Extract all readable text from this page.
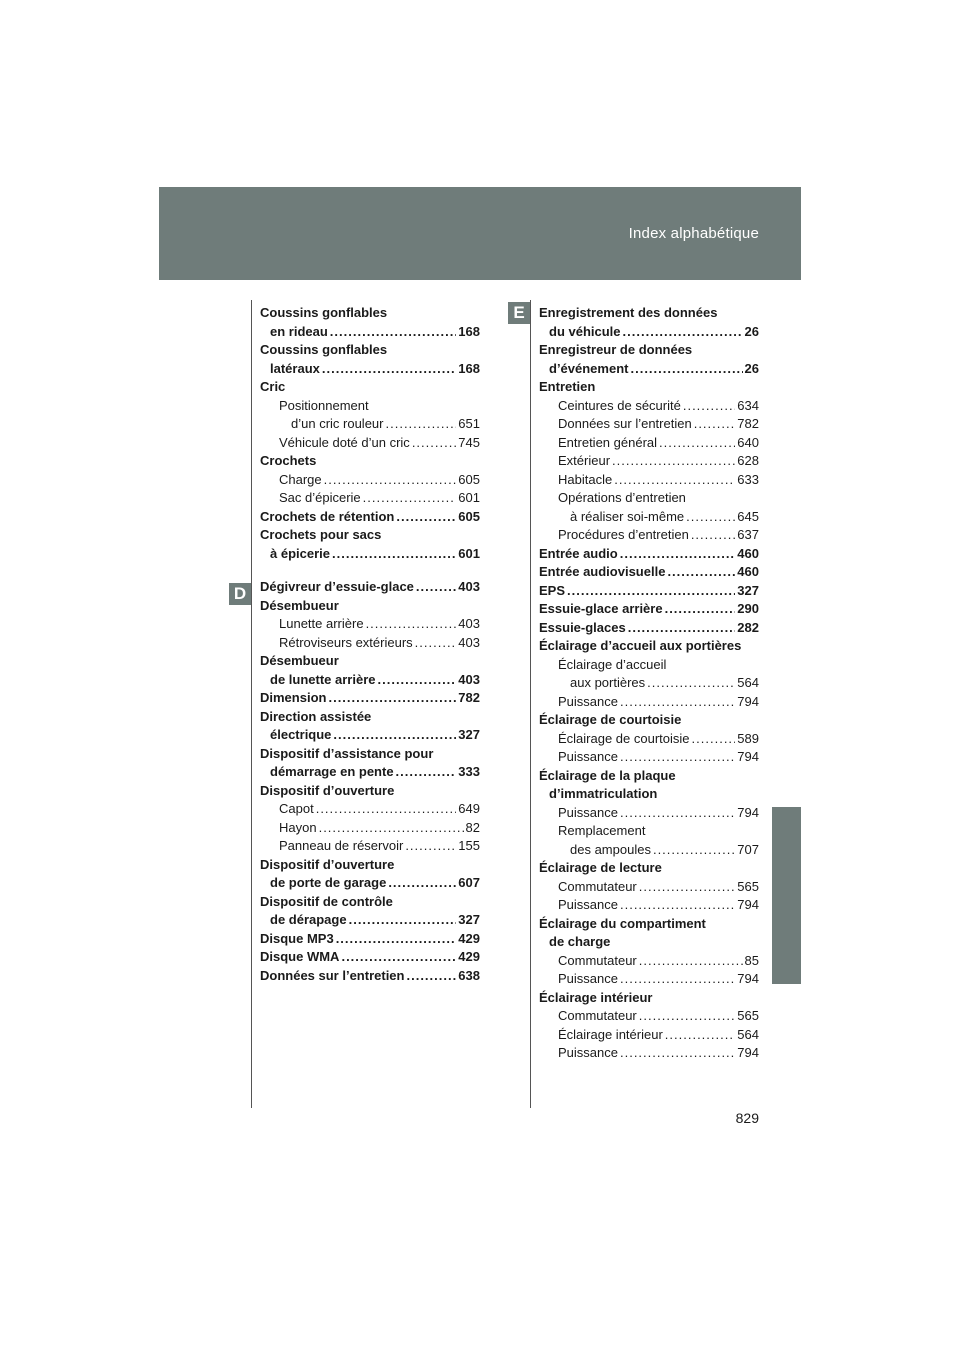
Index alphabétique
D
E
Coussins gonflables
en rideau .....	168
Coussins gonflables
latéraux .....	168
Cric
Positionnement
d’un cric rouleur .....	651
Véhicule doté d’un cric .....	745
Crochets
Charge .....	605
Sac d’épicerie .....	601
Crochets de rétention .....	605
Crochets pour sacs
à épicerie .....	601
Dégivreur d’essuie-glace .....	403
Désembueur
Lunette arrière .....	403
Rétroviseurs extérieurs .....	403
Désembueur
de lunette arrière .....	403
Dimension .....	782
Direction assistée
électrique .....	327
Dispositif d’assistance pour
démarrage en pente .....	333
Dispositif d’ouverture
Capot .....	649
Hayon .....	82
Panneau de réservoir .....	155
Dispositif d’ouverture
de porte de garage .....	607
Dispositif de contrôle
de dérapage .....	327
Disque MP3 .....	429
Disque WMA .....	429
Données sur l’entretien .....	638
Enregistrement des données
du véhicule .....	26
Enregistreur de données
d’événement .....	26
Entretien
Ceintures de sécurité .....	634
Données sur l’entretien .....	782
Entretien général .....	640
Extérieur .....	628
Habitacle .....	633
Opérations d’entretien
à réaliser soi-même .....	645
Procédures d’entretien .....	637
Entrée audio .....	460
Entrée audiovisuelle .....	460
EPS .....	327
Essuie-glace arrière .....	290
Essuie-glaces .....	282
Éclairage d’accueil aux portières
Éclairage d’accueil
aux portières .....	564
Puissance .....	794
Éclairage de courtoisie
Éclairage de courtoisie .....	589
Puissance .....	794
Éclairage de la plaque
d’immatriculation
Puissance .....	794
Remplacement
des ampoules .....	707
Éclairage de lecture
Commutateur .....	565
Puissance .....	794
Éclairage du compartiment
de charge
Commutateur .....	85
Puissance .....	794
Éclairage intérieur
Commutateur .....	565
Éclairage intérieur .....	564
Puissance .....	794
829
